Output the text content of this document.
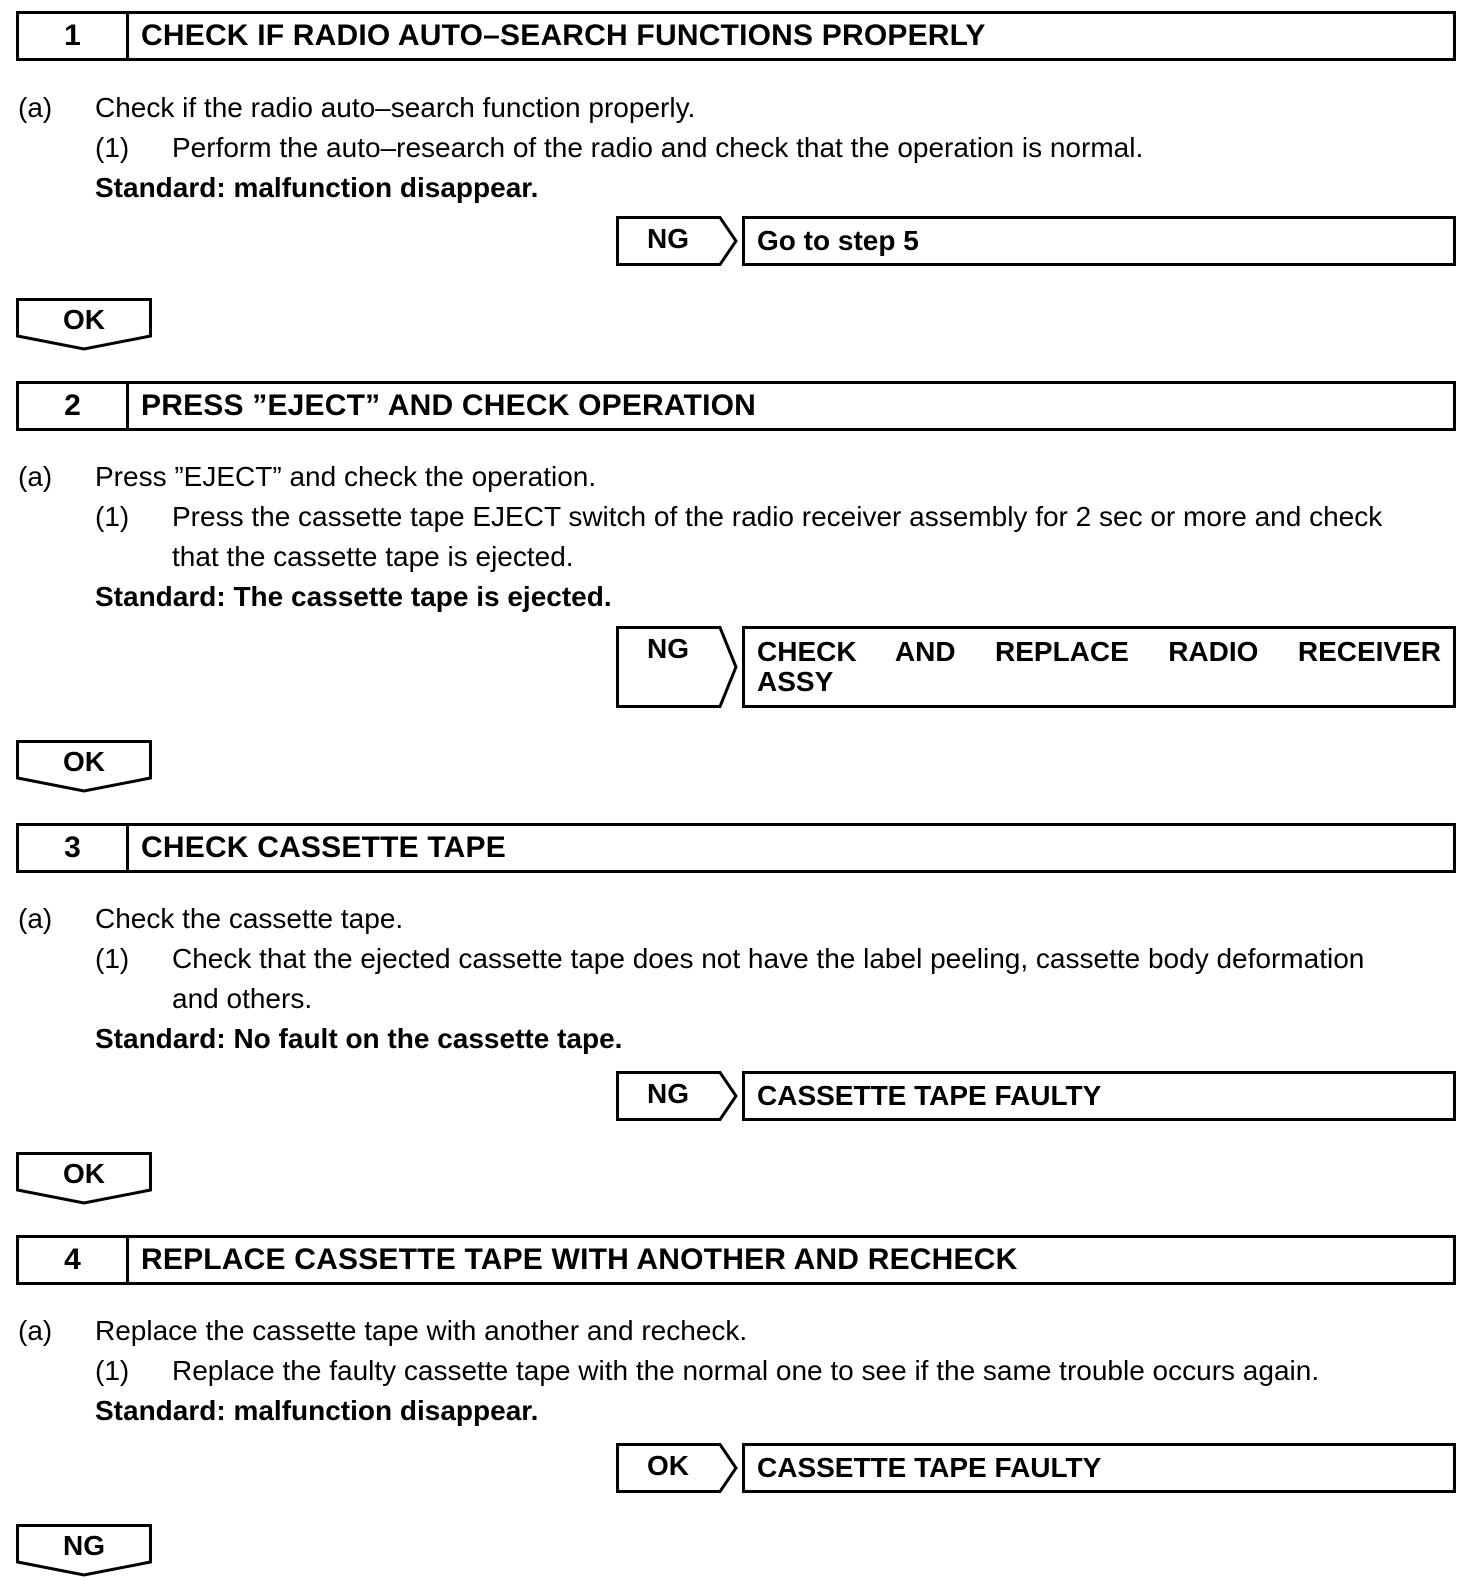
1	CHECK IF RADIO AUTO–SEARCH FUNCTIONS PROPERLY
(a) Check if the radio auto–search function properly.
(1) Perform the auto–research of the radio and check that the operation is normal.
Standard: malfunction disappear.
NG	Go to step 5
OK
2	PRESS ”EJECT” AND CHECK OPERATION
(a) Press ”EJECT” and check the operation.
(1) Press the cassette tape EJECT switch of the radio receiver assembly for 2 sec or more and check
that the cassette tape is ejected.
Standard: The cassette tape is ejected.
NG	CHECK AND REPLACE RADIO RECEIVER
ASSY
OK
3	CHECK CASSETTE TAPE
(a) Check the cassette tape.
(1) Check that the ejected cassette tape does not have the label peeling, cassette body deformation
and others.
Standard: No fault on the cassette tape.
NG	CASSETTE TAPE FAULTY
OK
4	REPLACE CASSETTE TAPE WITH ANOTHER AND RECHECK
(a) Replace the cassette tape with another and recheck.
(1) Replace the faulty cassette tape with the normal one to see if the same trouble occurs again.
Standard: malfunction disappear.
OK	CASSETTE TAPE FAULTY
NG
